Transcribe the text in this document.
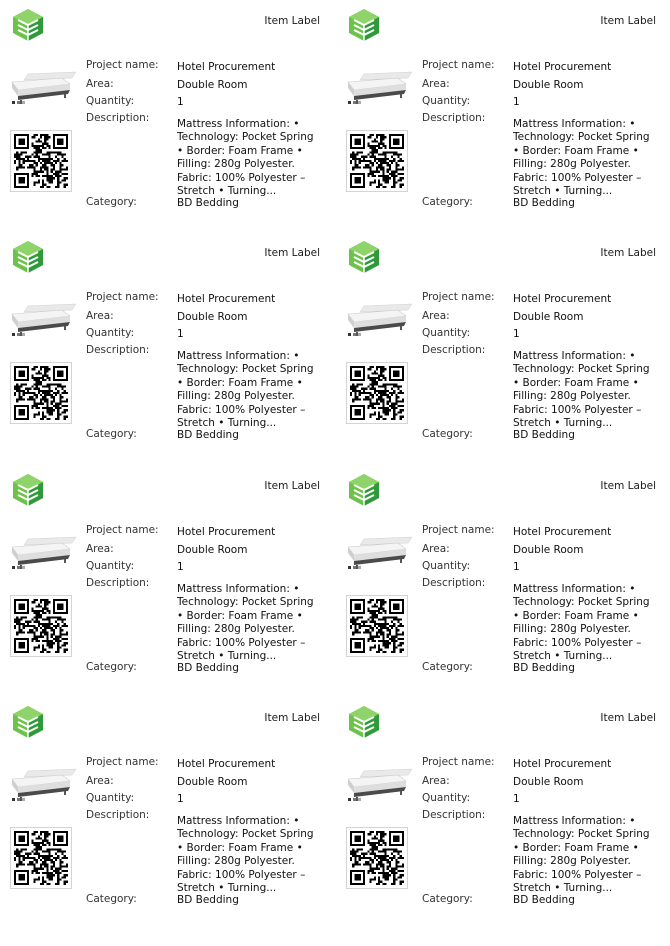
Item Label
Project name: Hotel Procurement
Area:	Double Room
Quantity:	1
Description:	Mattress Information: •
Technology: Pocket Spring
• Border: Foam Frame •
Filling: 280g Polyester.
Fabric: 100% Polyester –
Stretch • Turning...
Category:	BD Bedding
Item Label
Project name: Hotel Procurement
Area:	Double Room
Quantity:	1
Description:	Mattress Information: •
Technology: Pocket Spring
• Border: Foam Frame •
Filling: 280g Polyester.
Fabric: 100% Polyester –
Stretch • Turning...
Category:	BD Bedding
Item Label
Project name: Hotel Procurement
Area:	Double Room
Quantity:	1
Description:	Mattress Information: •
Technology: Pocket Spring
• Border: Foam Frame •
Filling: 280g Polyester.
Fabric: 100% Polyester –
Stretch • Turning...
Category:	BD Bedding
Item Label
Project name: Hotel Procurement
Area:	Double Room
Quantity:	1
Description:	Mattress Information: •
Technology: Pocket Spring
• Border: Foam Frame •
Filling: 280g Polyester.
Fabric: 100% Polyester –
Stretch • Turning...
Category:	BD Bedding
Item Label
Project name: Hotel Procurement
Area:	Double Room
Quantity:	1
Description:	Mattress Information: •
Technology: Pocket Spring
• Border: Foam Frame •
Filling: 280g Polyester.
Fabric: 100% Polyester –
Stretch • Turning...
Category:	BD Bedding
Item Label
Project name: Hotel Procurement
Area:	Double Room
Quantity:	1
Description:	Mattress Information: •
Technology: Pocket Spring
• Border: Foam Frame •
Filling: 280g Polyester.
Fabric: 100% Polyester –
Stretch • Turning...
Category:	BD Bedding
Item Label
Project name: Hotel Procurement
Area:	Double Room
Quantity:	1
Description:	Mattress Information: •
Technology: Pocket Spring
• Border: Foam Frame •
Filling: 280g Polyester.
Fabric: 100% Polyester –
Stretch • Turning...
Category:	BD Bedding
Item Label
Project name: Hotel Procurement
Area:	Double Room
Quantity:	1
Description:	Mattress Information: •
Technology: Pocket Spring
• Border: Foam Frame •
Filling: 280g Polyester.
Fabric: 100% Polyester –
Stretch • Turning...
Category:	BD Bedding
